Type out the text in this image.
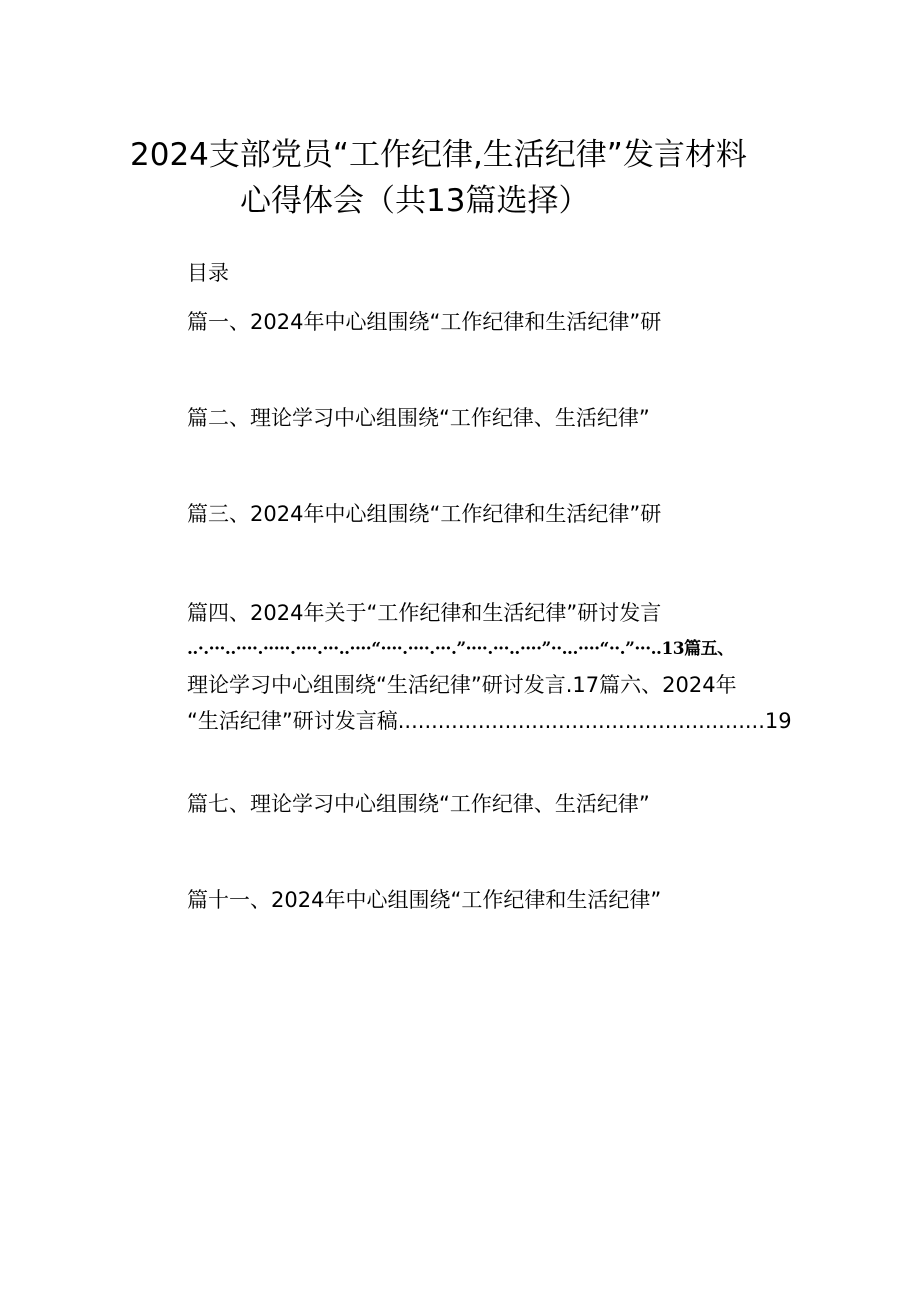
2024支部党员“工作纪律,生活纪律”发言材料
心得体会（共13篇选择）
目录
篇一、2024年中心组围绕“工作纪律和生活纪律”研
篇二、理论学习中心组围绕“工作纪律、生活纪律”
篇三、2024年中心组围绕“工作纪律和生活纪律”研
篇四、2024年关于“工作纪律和生活纪律”研讨发言
..·.···..····.·····.····.···..····“····.····.···.”····.···..····”··...····“··.”···..13篇五、
理论学习中心组围绕“生活纪律”研讨发言.17篇六、2024年
“生活纪律”研讨发言稿.......................................................19
篇七、理论学习中心组围绕“工作纪律、生活纪律”
篇十一、2024年中心组围绕“工作纪律和生活纪律”
